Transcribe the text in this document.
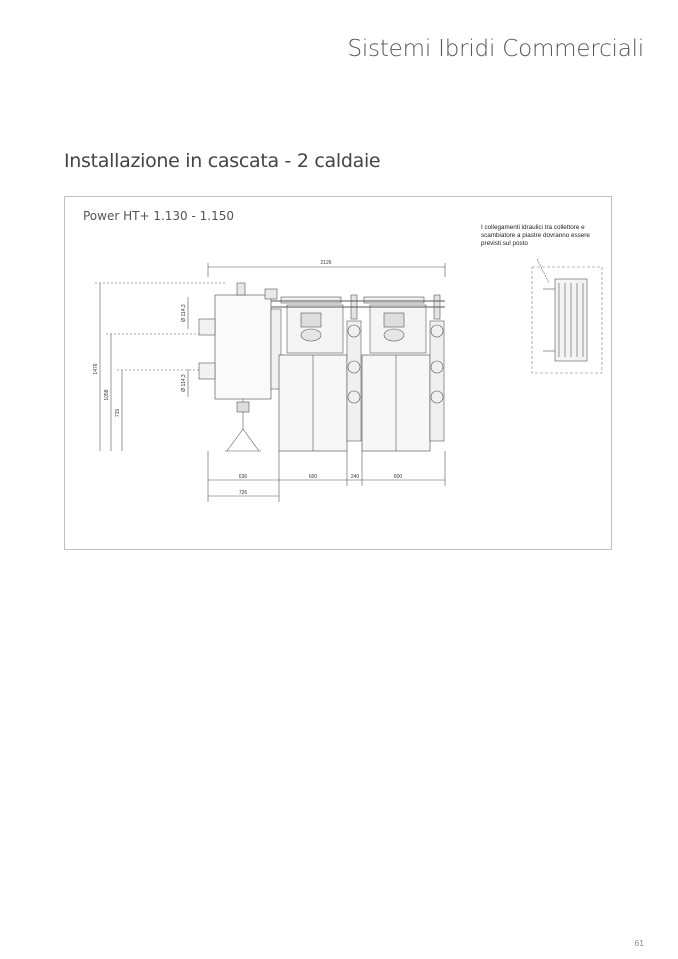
Sistemi Ibridi Commerciali
Installazione in cascata - 2 caldaie
Power HT+ 1.130 - 1.150
I collegamenti idraulici tra collettore e scambiatore a piastre dovranno essere previsti sul posto
2126
1476
1058
715
Ø 114,3
Ø 114,3
636	600	240	600
726
61
